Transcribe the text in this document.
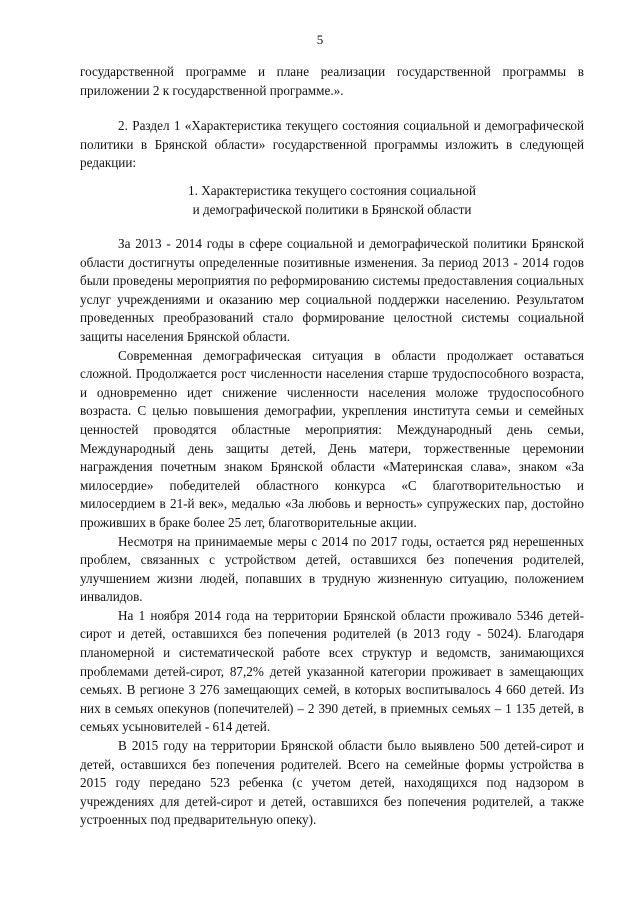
5

государственной программе и плане реализации государственной программы в приложении 2 к государственной программе.».

2. Раздел 1 «Характеристика текущего состояния социальной и демографической политики в Брянской области» государственной программы изложить в следующей редакции:

1. Характеристика текущего состояния социальной
и демографической политики в Брянской области

За 2013 - 2014 годы в сфере социальной и демографической политики Брянской области достигнуты определенные позитивные изменения. За период 2013 - 2014 годов были проведены мероприятия по реформированию системы предоставления социальных услуг учреждениями и оказанию мер социальной поддержки населению. Результатом проведенных преобразований стало формирование целостной системы социальной защиты населения Брянской области.

Современная демографическая ситуация в области продолжает оставаться сложной. Продолжается рост численности населения старше трудоспособного возраста, и одновременно идет снижение численности населения моложе трудоспособного возраста. С целью повышения демографии, укрепления института семьи и семейных ценностей проводятся областные мероприятия: Международный день семьи, Международный день защиты детей, День матери, торжественные церемонии награждения почетным знаком Брянской области «Материнская слава», знаком «За милосердие» победителей областного конкурса «С благотворительностью и милосердием в 21-й век», медалью «За любовь и верность» супружеских пар, достойно проживших в браке более 25 лет, благотворительные акции.

Несмотря на принимаемые меры с 2014 по 2017 годы, остается ряд нерешенных проблем, связанных с устройством детей, оставшихся без попечения родителей, улучшением жизни людей, попавших в трудную жизненную ситуацию, положением инвалидов.

На 1 ноября 2014 года на территории Брянской области проживало 5346 детей-сирот и детей, оставшихся без попечения родителей (в 2013 году - 5024). Благодаря планомерной и систематической работе всех структур и ведомств, занимающихся проблемами детей-сирот, 87,2% детей указанной категории проживает в замещающих семьях. В регионе 3 276 замещающих семей, в которых воспитывалось 4 660 детей. Из них в семьях опекунов (попечителей) – 2 390 детей, в приемных семьях – 1 135 детей, в семьях усыновителей - 614 детей.

В 2015 году на территории Брянской области было выявлено 500 детей-сирот и детей, оставшихся без попечения родителей. Всего на семейные формы устройства в 2015 году передано 523 ребенка (с учетом детей, находящихся под надзором в учреждениях для детей-сирот и детей, оставшихся без попечения родителей, а также устроенных под предварительную опеку).
